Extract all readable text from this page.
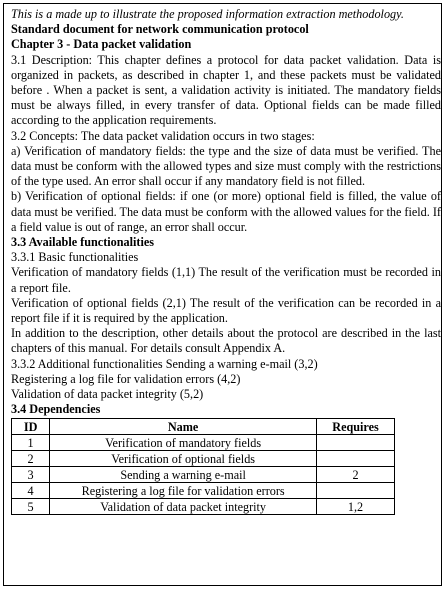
This is a made up to illustrate the proposed information extraction methodology.

Standard document for network communication protocol

Chapter 3 - Data packet validation

3.1 Description: This chapter defines a protocol for data packet validation. Data is organized in packets, as described in chapter 1, and these packets must be validated before . When a packet is sent, a validation activity is initiated. The mandatory fields must be always filled, in every transfer of data. Optional fields can be made filled according to the application requirements.

3.2 Concepts: The data packet validation occurs in two stages:

a) Verification of mandatory fields: the type and the size of data must be verified. The data must be conform with the allowed types and size must comply with the restrictions of the type used. An error shall occur if any mandatory field is not filled.

b) Verification of optional fields: if one (or more) optional field is filled, the value of data must be verified. The data must be conform with the allowed values for the field. If a field value is out of range, an error shall occur.

3.3 Available functionalities

3.3.1 Basic functionalities

Verification of mandatory fields (1,1) The result of the verification must be recorded in a report file.

Verification of optional fields (2,1) The result of the verification can be recorded in a report file if it is required by the application.

In addition to the description, other details about the protocol are described in the last chapters of this manual. For details consult Appendix A.

3.3.2 Additional functionalities Sending a warning e-mail (3,2)

Registering a log file for validation errors (4,2)

Validation of data packet integrity (5,2)

3.4 Dependencies

ID	Name	Requires
1	Verification of mandatory fields	
2	Verification of optional fields	
3	Sending a warning e-mail	2
4	Registering a log file for validation errors	
5	Validation of data packet integrity	1,2
